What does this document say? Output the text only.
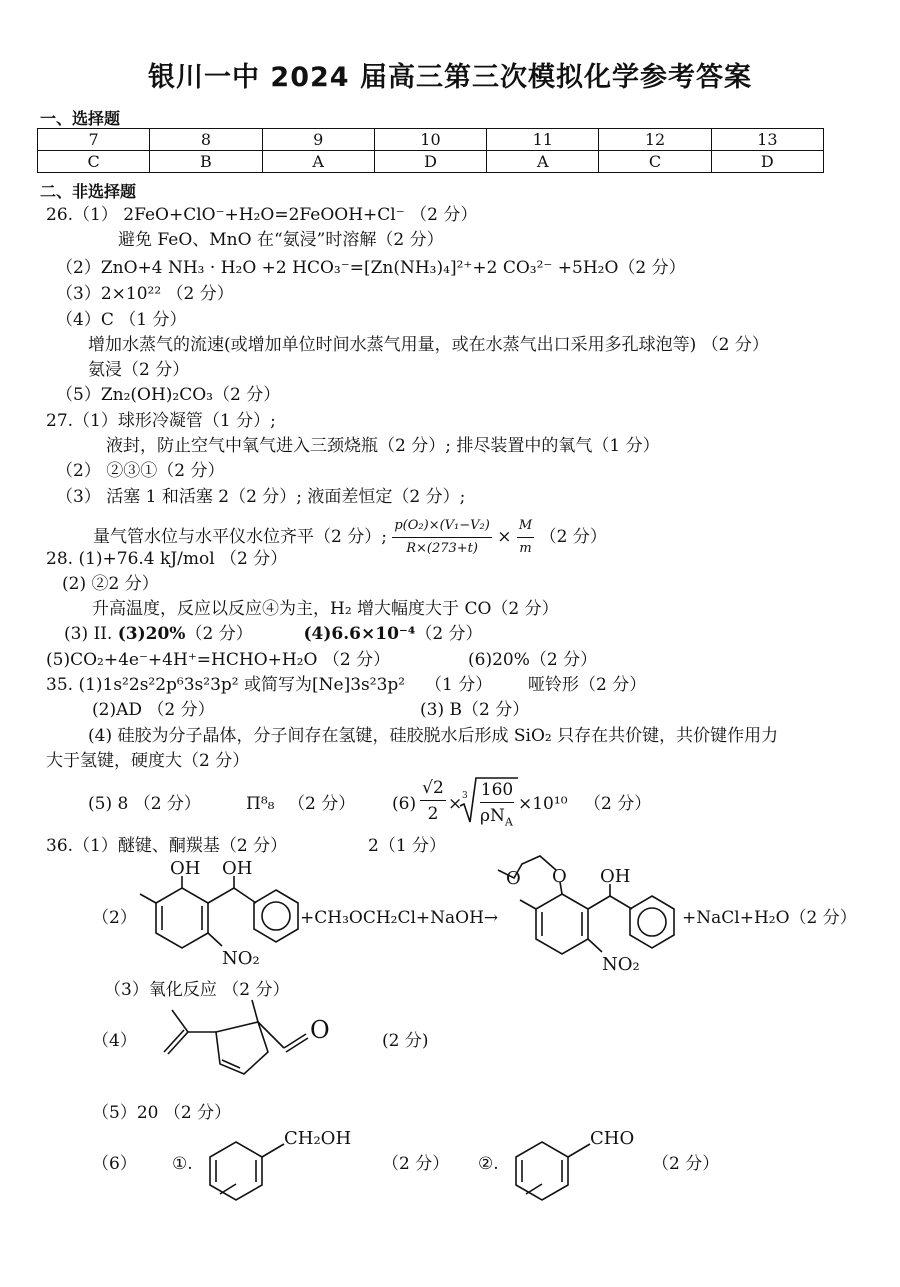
银川一中 2024 届高三第三次模拟化学参考答案
一、选择题
7	8	9	10	11	12	13
C	B	A	D	A	C	D
二、非选择题
26.（1） 2FeO+ClO⁻+H₂O=2FeOOH+Cl⁻ （2 分）
避免 FeO、MnO 在“氨浸”时溶解（2 分）
（2）ZnO+4 NH₃ · H₂O +2 HCO₃⁻=[Zn(NH₃)₄]²⁺+2 CO₃²⁻ +5H₂O（2 分）
（3）2×10²² （2 分）
（4）C （1 分）
增加水蒸气的流速(或增加单位时间水蒸气用量，或在水蒸气出口采用多孔球泡等) （2 分）
氨浸（2 分）
（5）Zn₂(OH)₂CO₃（2 分）
27.（1）球形冷凝管（1 分）;
液封，防止空气中氧气进入三颈烧瓶（2 分）; 排尽装置中的氧气（1 分）
（2） ②③①（2 分）
（3） 活塞 1 和活塞 2（2 分）; 液面差恒定（2 分）;
量气管水位与水平仪水位齐平（2 分）; $\frac{\text{p(O₂)×(V₁−V₂)}}{R\times(273+t)} \times \frac{M}{m} (2$ 分）
28. (1)+76.4 kJ/mol （2 分）
(2) ②2 分）
升高温度，反应以反应④为主，H₂ 增大幅度大于 CO（2 分）
(3) II. (3)20%（2 分）	(4)6.6×10⁻⁴（2 分）
(5)CO₂+4e⁻+4H⁺=HCHO+H₂O （2 分）	(6)20%（2 分）
35. (1)1s²2s²2p⁶3s²3p² 或简写为[Ne]3s²3p² （1 分） 哑铃形（2 分）
(2)AD （2 分）	(3) B（2 分）
(4) 硅胶为分子晶体，分子间存在氢键，硅胶脱水后形成 SiO₂ 只存在共价键，共价键作用力
大于氢键，硬度大（2 分）
(5) 8 （2 分）	Π⁸₈ （2 分） (6)
√2
2 × 3 160
$\rho N_A$
×10¹⁰ （2 分）
36.（1）醚键、酮羰基（2 分）	2（1 分）
（2）
OH OH
NO₂
+CH₃OCH₂Cl+NaOH→
O
O	OH
NO₂
+NaCl+H₂O（2 分）
（3）氧化反应 （2 分）
（4）	O	(2 分)
（5）20 （2 分）
（6） ①.
CH₂OH
（2 分） ②.
CHO
（2 分）
